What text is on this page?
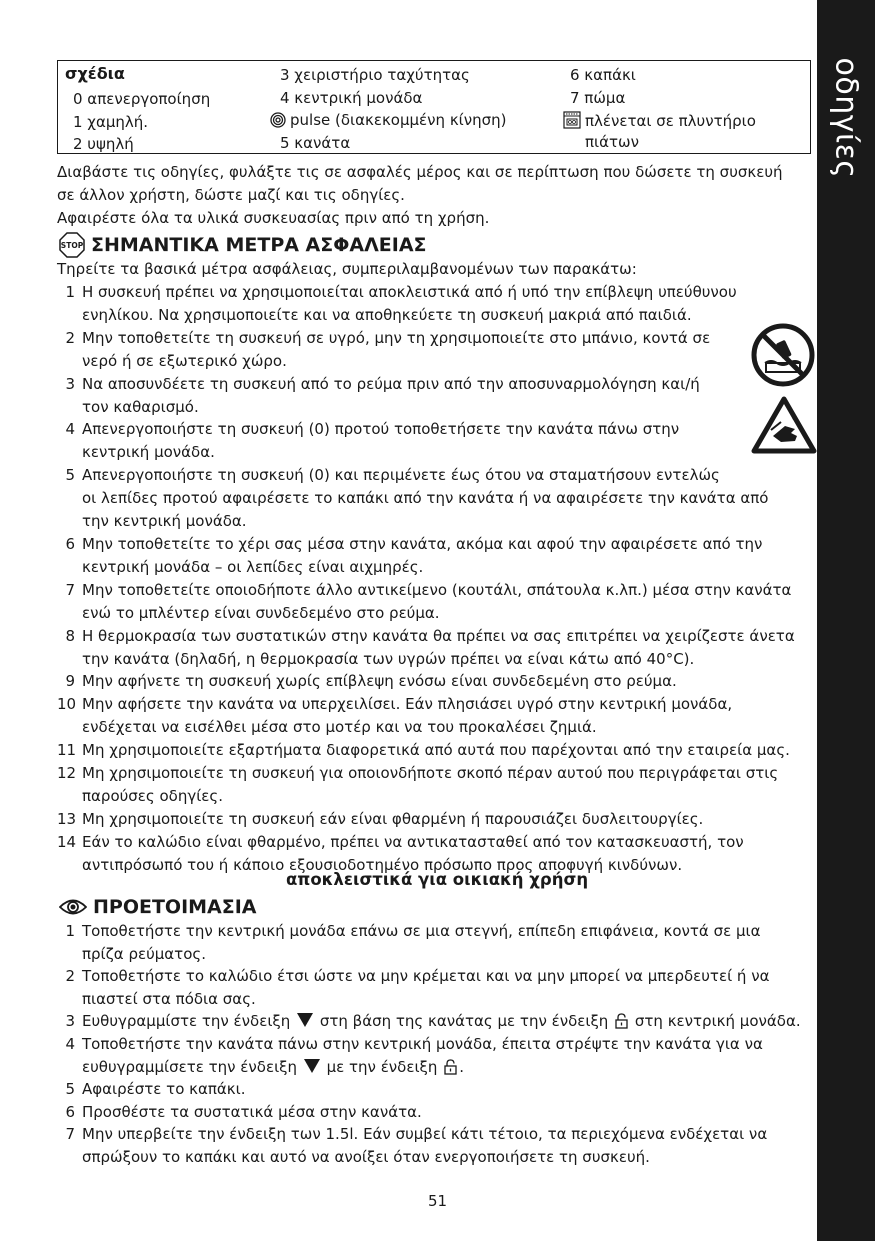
οδηγίες
σχέδια
0 απενεργοποίηση
1 χαμηλή.
2 υψηλή
3 χειριστήριο ταχύτητας
4 κεντρική μονάδα
pulse (διακεκομμένη κίνηση)
5 κανάτα
6 καπάκι
7 πώμα
πλένεται σε πλυντήριο
πιάτων
Διαβάστε τις οδηγίες, φυλάξτε τις σε ασφαλές μέρος και σε περίπτωση που δώσετε τη συσκευή
σε άλλον χρήστη, δώστε μαζί και τις οδηγίες.
Αφαιρέστε όλα τα υλικά συσκευασίας πριν από τη χρήση.
STOP ΣΗΜΑΝΤΙΚΑ ΜΕΤΡΑ ΑΣΦΑΛΕΙΑΣ
Τηρείτε τα βασικά μέτρα ασφάλειας, συμπεριλαμβανομένων των παρακάτω:
1 Η συσκευή πρέπει να χρησιμοποιείται αποκλειστικά από ή υπό την επίβλεψη υπεύθυνου
ενηλίκου. Να χρησιμοποιείτε και να αποθηκεύετε τη συσκευή μακριά από παιδιά.
2 Μην τοποθετείτε τη συσκευή σε υγρό, μην τη χρησιμοποιείτε στο μπάνιο, κοντά σε
νερό ή σε εξωτερικό χώρο.
3 Να αποσυνδέετε τη συσκευή από το ρεύμα πριν από την αποσυναρμολόγηση και/ή
τον καθαρισμό.
4 Απενεργοποιήστε τη συσκευή (0) προτού τοποθετήσετε την κανάτα πάνω στην
κεντρική μονάδα.
5 Απενεργοποιήστε τη συσκευή (0) και περιμένετε έως ότου να σταματήσουν εντελώς
οι λεπίδες προτού αφαιρέσετε το καπάκι από την κανάτα ή να αφαιρέσετε την κανάτα από
την κεντρική μονάδα.
6 Μην τοποθετείτε το χέρι σας μέσα στην κανάτα, ακόμα και αφού την αφαιρέσετε από την
κεντρική μονάδα – οι λεπίδες είναι αιχμηρές.
7 Μην τοποθετείτε οποιοδήποτε άλλο αντικείμενο (κουτάλι, σπάτουλα κ.λπ.) μέσα στην κανάτα
ενώ το μπλέντερ είναι συνδεδεμένο στο ρεύμα.
8 Η θερμοκρασία των συστατικών στην κανάτα θα πρέπει να σας επιτρέπει να χειρίζεστε άνετα
την κανάτα (δηλαδή, η θερμοκρασία των υγρών πρέπει να είναι κάτω από 40°C).
9 Μην αφήνετε τη συσκευή χωρίς επίβλεψη ενόσω είναι συνδεδεμένη στο ρεύμα.
10 Μην αφήσετε την κανάτα να υπερχειλίσει. Εάν πλησιάσει υγρό στην κεντρική μονάδα,
ενδέχεται να εισέλθει μέσα στο μοτέρ και να του προκαλέσει ζημιά.
11 Μη χρησιμοποιείτε εξαρτήματα διαφορετικά από αυτά που παρέχονται από την εταιρεία μας.
12 Μη χρησιμοποιείτε τη συσκευή για οποιονδήποτε σκοπό πέραν αυτού που περιγράφεται στις
παρούσες οδηγίες.
13 Μη χρησιμοποιείτε τη συσκευή εάν είναι φθαρμένη ή παρουσιάζει δυσλειτουργίες.
14 Εάν το καλώδιο είναι φθαρμένο, πρέπει να αντικατασταθεί από τον κατασκευαστή, τον
αντιπρόσωπό του ή κάποιο εξουσιοδοτημένο πρόσωπο προς αποφυγή κινδύνων.
αποκλειστικά για οικιακή χρήση
ΠΡΟΕΤΟΙΜΑΣΙΑ
1 Τοποθετήστε την κεντρική μονάδα επάνω σε μια στεγνή, επίπεδη επιφάνεια, κοντά σε μια
πρίζα ρεύματος.
2 Τοποθετήστε το καλώδιο έτσι ώστε να μην κρέμεται και να μην μπορεί να μπερδευτεί ή να
πιαστεί στα πόδια σας.
3 Ευθυγραμμίστε την ένδειξη στη βάση της κανάτας με την ένδειξη στη κεντρική μονάδα.
4 Τοποθετήστε την κανάτα πάνω στην κεντρική μονάδα, έπειτα στρέψτε την κανάτα για να
ευθυγραμμίσετε την ένδειξη με την ένδειξη .
5 Αφαιρέστε το καπάκι.
6 Προσθέστε τα συστατικά μέσα στην κανάτα.
7 Μην υπερβείτε την ένδειξη των 1.5l. Εάν συμβεί κάτι τέτοιο, τα περιεχόμενα ενδέχεται να
σπρώξουν το καπάκι και αυτό να ανοίξει όταν ενεργοποιήσετε τη συσκευή.
51
